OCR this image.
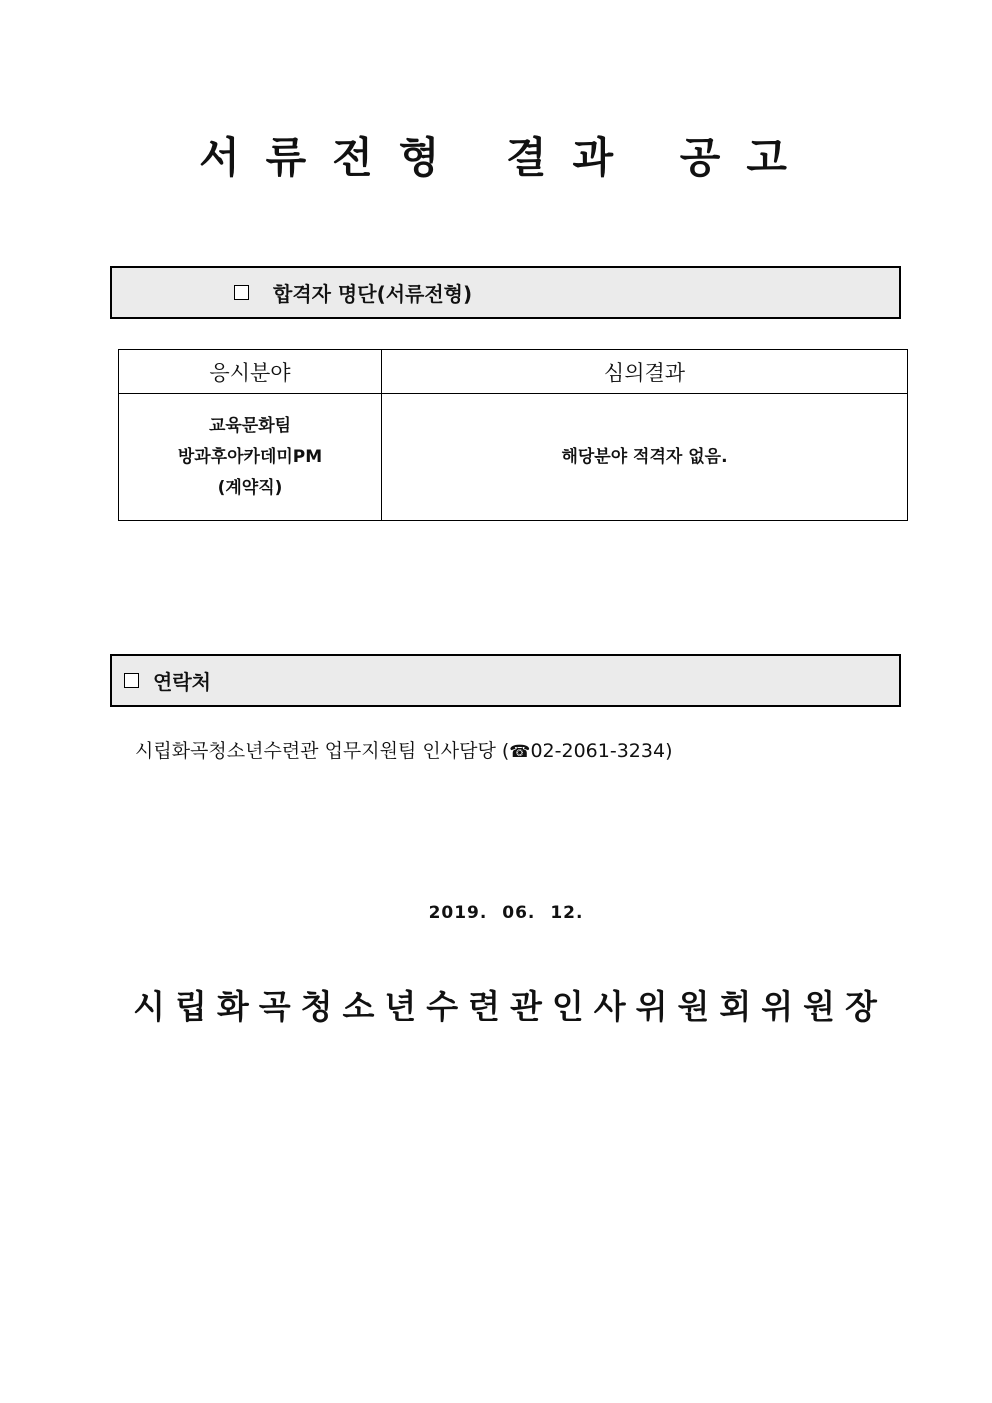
서류전형 결과 공고
합격자 명단(서류전형)
응시분야	심의결과

교육문화팀
방과후아카데미PM
(계약직)	해당분야 적격자 없음.
연락처
시립화곡청소년수련관 업무지원팀 인사담당 (☎02-2061-3234)
2019. 06. 12.
시립화곡청소년수련관인사위원회위원장
